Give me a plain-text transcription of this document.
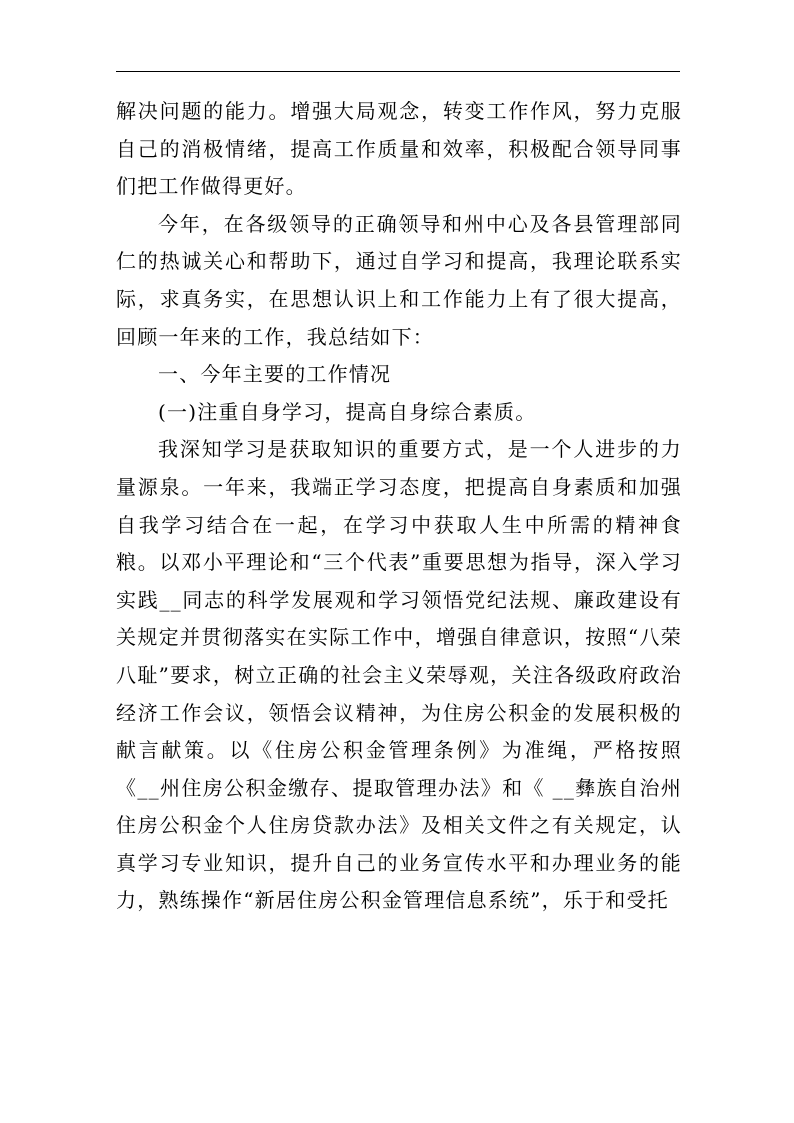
解决问题的能力。增强大局观念，转变工作作风，努力克服自己的消极情绪，提高工作质量和效率，积极配合领导同事们把工作做得更好。

今年，在各级领导的正确领导和州中心及各县管理部同仁的热诚关心和帮助下，通过自学习和提高，我理论联系实际，求真务实，在思想认识上和工作能力上有了很大提高，回顾一年来的工作，我总结如下：

一、今年主要的工作情况

(一)注重自身学习，提高自身综合素质。

我深知学习是获取知识的重要方式，是一个人进步的力量源泉。一年来，我端正学习态度，把提高自身素质和加强自我学习结合在一起，在学习中获取人生中所需的精神食粮。以邓小平理论和“三个代表”重要思想为指导，深入学习实践__同志的科学发展观和学习领悟党纪法规、廉政建设有关规定并贯彻落实在实际工作中，增强自律意识，按照“八荣八耻”要求，树立正确的社会主义荣辱观，关注各级政府政治经济工作会议，领悟会议精神，为住房公积金的发展积极的献言献策。以《住房公积金管理条例》为准绳，严格按照《__州住房公积金缴存、提取管理办法》和《 __彝族自治州住房公积金个人住房贷款办法》及相关文件之有关规定，认真学习专业知识，提升自己的业务宣传水平和办理业务的能力，熟练操作“新居住房公积金管理信息系统”，乐于和受托
